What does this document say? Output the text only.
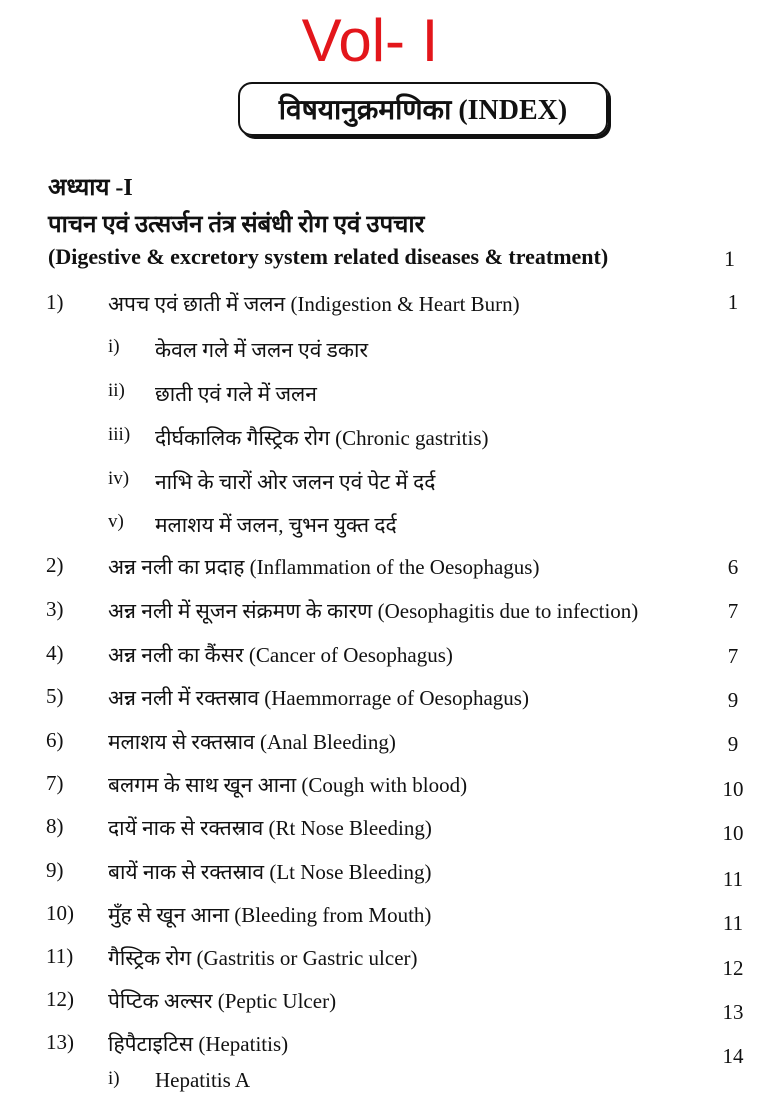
Vol- I
विषयानुक्रमणिका (INDEX)
अध्याय -I
पाचन एवं उत्सर्जन तंत्र संबंधी रोग एवं उपचार
(Digestive & excretory system related diseases & treatment)	1
1) अपच एवं छाती में जलन (Indigestion & Heart Burn)	1
i) केवल गले में जलन एवं डकार
ii) छाती एवं गले में जलन
iii) दीर्घकालिक गैस्ट्रिक रोग (Chronic gastritis)
iv) नाभि के चारों ओर जलन एवं पेट में दर्द
v) मलाशय में जलन, चुभन युक्त दर्द
2) अन्न नली का प्रदाह (Inflammation of the Oesophagus)	6
3) अन्न नली में सूजन संक्रमण के कारण (Oesophagitis due to infection)	7
4) अन्न नली का कैंसर (Cancer of Oesophagus)	7
5) अन्न नली में रक्तस्राव (Haemmorrage of Oesophagus)	9
6) मलाशय से रक्तस्राव (Anal Bleeding)	9
7) बलगम के साथ खून आना (Cough with blood)	10
8) दायें नाक से रक्तस्राव (Rt Nose Bleeding)	10
9) बायें नाक से रक्तस्राव (Lt Nose Bleeding)	11
10) मुँह से खून आना (Bleeding from Mouth)	11
11) गैस्ट्रिक रोग (Gastritis or Gastric ulcer)	12
12) पेप्टिक अल्सर (Peptic Ulcer)	13
13) हिपैटाइटिस (Hepatitis)	14
i) Hepatitis A
